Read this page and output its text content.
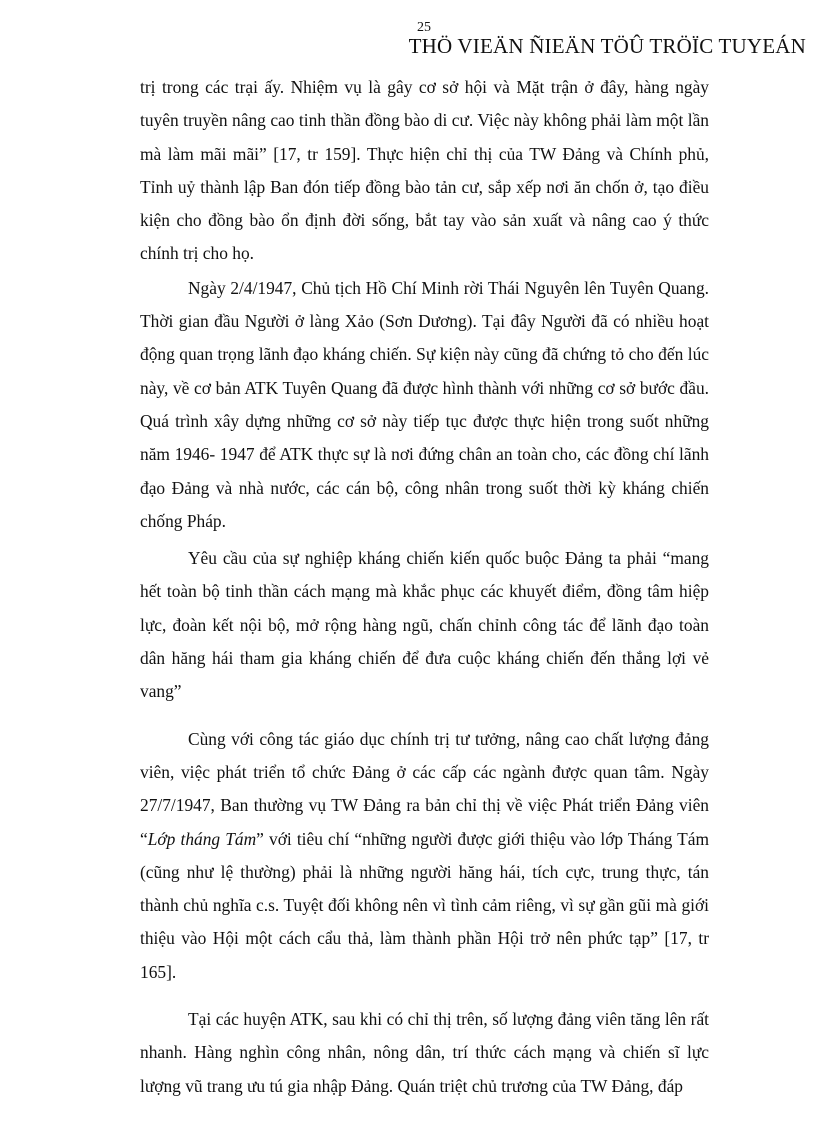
25
THÖ VIEÄN ÑIEÄN TÖÛ TRÖÏC TUYEÁN

trị trong các trại ấy. Nhiệm vụ là gây cơ sở hội và Mặt trận ở đây, hàng ngày tuyên truyền nâng cao tinh thần đồng bào di cư. Việc này không phải làm một lần mà làm mãi mãi” [17, tr 159]. Thực hiện chỉ thị của TW Đảng và Chính phủ, Tỉnh uỷ thành lập Ban đón tiếp đồng bào tản cư, sắp xếp nơi ăn chốn ở, tạo điều kiện cho đồng bào ổn định đời sống, bắt tay vào sản xuất và nâng cao ý thức chính trị cho họ.

Ngày 2/4/1947, Chủ tịch Hồ Chí Minh rời Thái Nguyên lên Tuyên Quang. Thời gian đầu Người ở làng Xảo (Sơn Dương). Tại đây Người đã có nhiều hoạt động quan trọng lãnh đạo kháng chiến. Sự kiện này cũng đã chứng tỏ cho đến lúc này, về cơ bản ATK Tuyên Quang đã được hình thành với những cơ sở bước đầu. Quá trình xây dựng những cơ sở này tiếp tục được thực hiện trong suốt những năm 1946- 1947 để ATK thực sự là nơi đứng chân an toàn cho, các đồng chí lãnh đạo Đảng và nhà nước, các cán bộ, công nhân trong suốt thời kỳ kháng chiến chống Pháp.

Yêu cầu của sự nghiệp kháng chiến kiến quốc buộc Đảng ta phải “mang hết toàn bộ tinh thần cách mạng mà khắc phục các khuyết điểm, đồng tâm hiệp lực, đoàn kết nội bộ, mở rộng hàng ngũ, chấn chỉnh công tác để lãnh đạo toàn dân hăng hái tham gia kháng chiến để đưa cuộc kháng chiến đến thắng lợi vẻ vang”

Cùng với công tác giáo dục chính trị tư tưởng, nâng cao chất lượng đảng viên, việc phát triển tổ chức Đảng ở các cấp các ngành được quan tâm. Ngày 27/7/1947, Ban thường vụ TW Đảng ra bản chỉ thị về việc Phát triển Đảng viên “Lớp tháng Tám” với tiêu chí “những người được giới thiệu vào lớp Tháng Tám (cũng như lệ thường) phải là những người hăng hái, tích cực, trung thực, tán thành chủ nghĩa c.s. Tuyệt đối không nên vì tình cảm riêng, vì sự gần gũi mà giới thiệu vào Hội một cách cẩu thả, làm thành phần Hội trở nên phức tạp” [17, tr 165].

Tại các huyện ATK, sau khi có chỉ thị trên, số lượng đảng viên tăng lên rất nhanh. Hàng nghìn công nhân, nông dân, trí thức cách mạng và chiến sĩ lực lượng vũ trang ưu tú gia nhập Đảng. Quán triệt chủ trương của TW Đảng, đáp
